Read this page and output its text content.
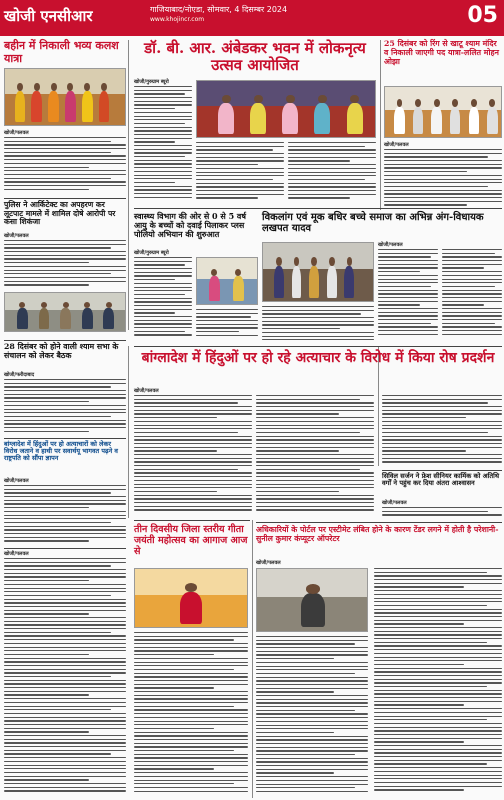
खोजी एनसीआर	गाजियाबाद/नोएडा, सोमवार, 4 दिसम्बर 2024
www.khojincr.com	05
बहीन में निकाली भव्य कलश यात्रा
खोजी/पलवल
पुलिस ने आर्किटेक्ट का अपहरण कर लूटपाट मामले में शामिल दोषे आरोपी पर कसा शिकंजा
खोजी/पलवल
डॉ. बी. आर. अंबेडकर भवन में लोकनृत्य उत्सव आयोजित
खोजी/गुरुग्राम ब्यूरो
25 दिसंबर को रिंग से खाटू श्याम मंदिर व निकाली जाएगी पद यात्रा-ललित मोहन ओझा
खोजी/पलवल
स्वास्थ्य विभाग की ओर से 0 से 5 वर्ष आयु के बच्चों को दवाई पिलाकर प्लस पोलियो अभियान की शुरुआत
खोजी/गुरुग्राम ब्यूरो
विकलांग एवं मूक बधिर बच्चे समाज का अभिन्न अंग-विधायक लखपत यादव
खोजी/पलवल
28 दिसंबर को होने वाली श्याम सभा के संचालन को लेकर बैठक
खोजी/फरीदाबाद
बांग्लादेश में हिंदुओं पर हो अत्याचारों को लेकर विरोध जताने व हाथी पर सवार्थयू भागवत पढ़ने व राष्ट्रपति को सौंपा ज्ञापन
खोजी/पलवल
बांग्लादेश में हिंदुओं पर हो रहे अत्याचार के विरोध में किया रोष प्रदर्शन
खोजी/पलवल
सिविल सर्जन ने फ्रेश सीनियर कार्मिक को अतिथि वर्गों ने पहुंच कर दिया अंतरा आश्वासन
खोजी/पलवल
तीन दिवसीय जिला स्तरीय गीता जयंती महोत्सव का आगाज आज से
खोजी/पलवल
अधिकारियों के पोर्टल पर एस्टीमेट लंबित होने के कारण टेंडर लगने में होती है परेशानी-सुनील कुमार कंप्यूटर ऑपरेटर
खोजी/पलवल
